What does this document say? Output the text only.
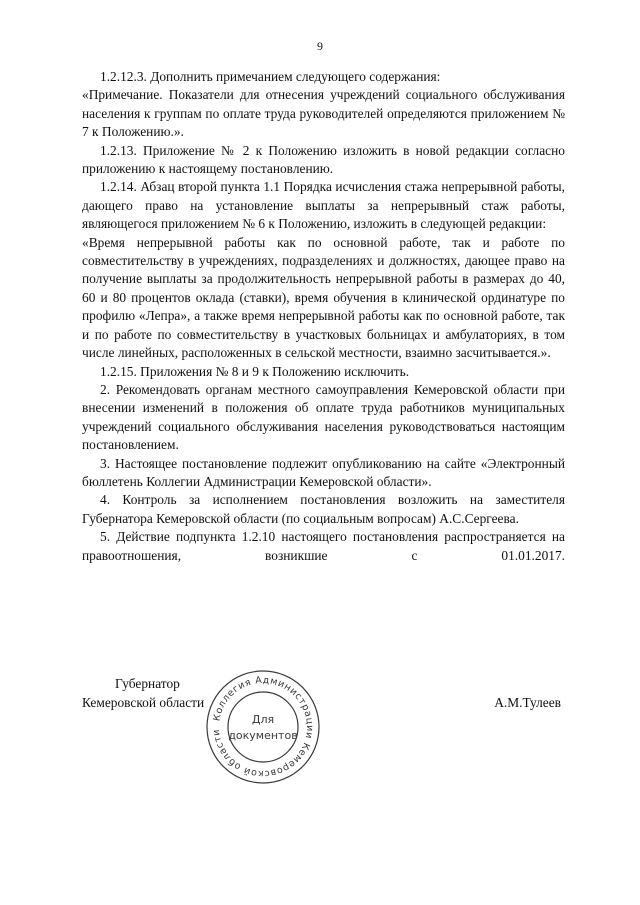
9

1.2.12.3. Дополнить примечанием следующего содержания:

«Примечание. Показатели для отнесения учреждений социального обслуживания населения к группам по оплате труда руководителей определяются приложением № 7 к Положению.».

1.2.13. Приложение № 2 к Положению изложить в новой редакции согласно приложению к настоящему постановлению.

1.2.14. Абзац второй пункта 1.1 Порядка исчисления стажа непрерывной работы, дающего право на установление выплаты за непрерывный стаж работы, являющегося приложением № 6 к Положению, изложить в следующей редакции:

«Время непрерывной работы как по основной работе, так и работе по совместительству в учреждениях, подразделениях и должностях, дающее право на получение выплаты за продолжительность непрерывной работы в размерах до 40, 60 и 80 процентов оклада (ставки), время обучения в клинической ординатуре по профилю «Лепра», а также время непрерывной работы как по основной работе, так и по работе по совместительству в участковых больницах и амбулаториях, в том числе линейных, расположенных в сельской местности, взаимно засчитывается.».

1.2.15. Приложения № 8 и 9 к Положению исключить.

2. Рекомендовать органам местного самоуправления Кемеровской области при внесении изменений в положения об оплате труда работников муниципальных учреждений социального обслуживания населения руководствоваться настоящим постановлением.

3. Настоящее постановление подлежит опубликованию на сайте «Электронный бюллетень Коллегии Администрации Кемеровской области».

4. Контроль за исполнением постановления возложить на заместителя Губернатора Кемеровской области (по социальным вопросам) А.С.Сергеева.

5. Действие подпункта 1.2.10 настоящего постановления распространяется на правоотношения, возникшие с 01.01.2017.

Губернатор
Кемеровской области	А.М.Тулеев
Коллегия Администрации Кемеровской области
Для
документов
